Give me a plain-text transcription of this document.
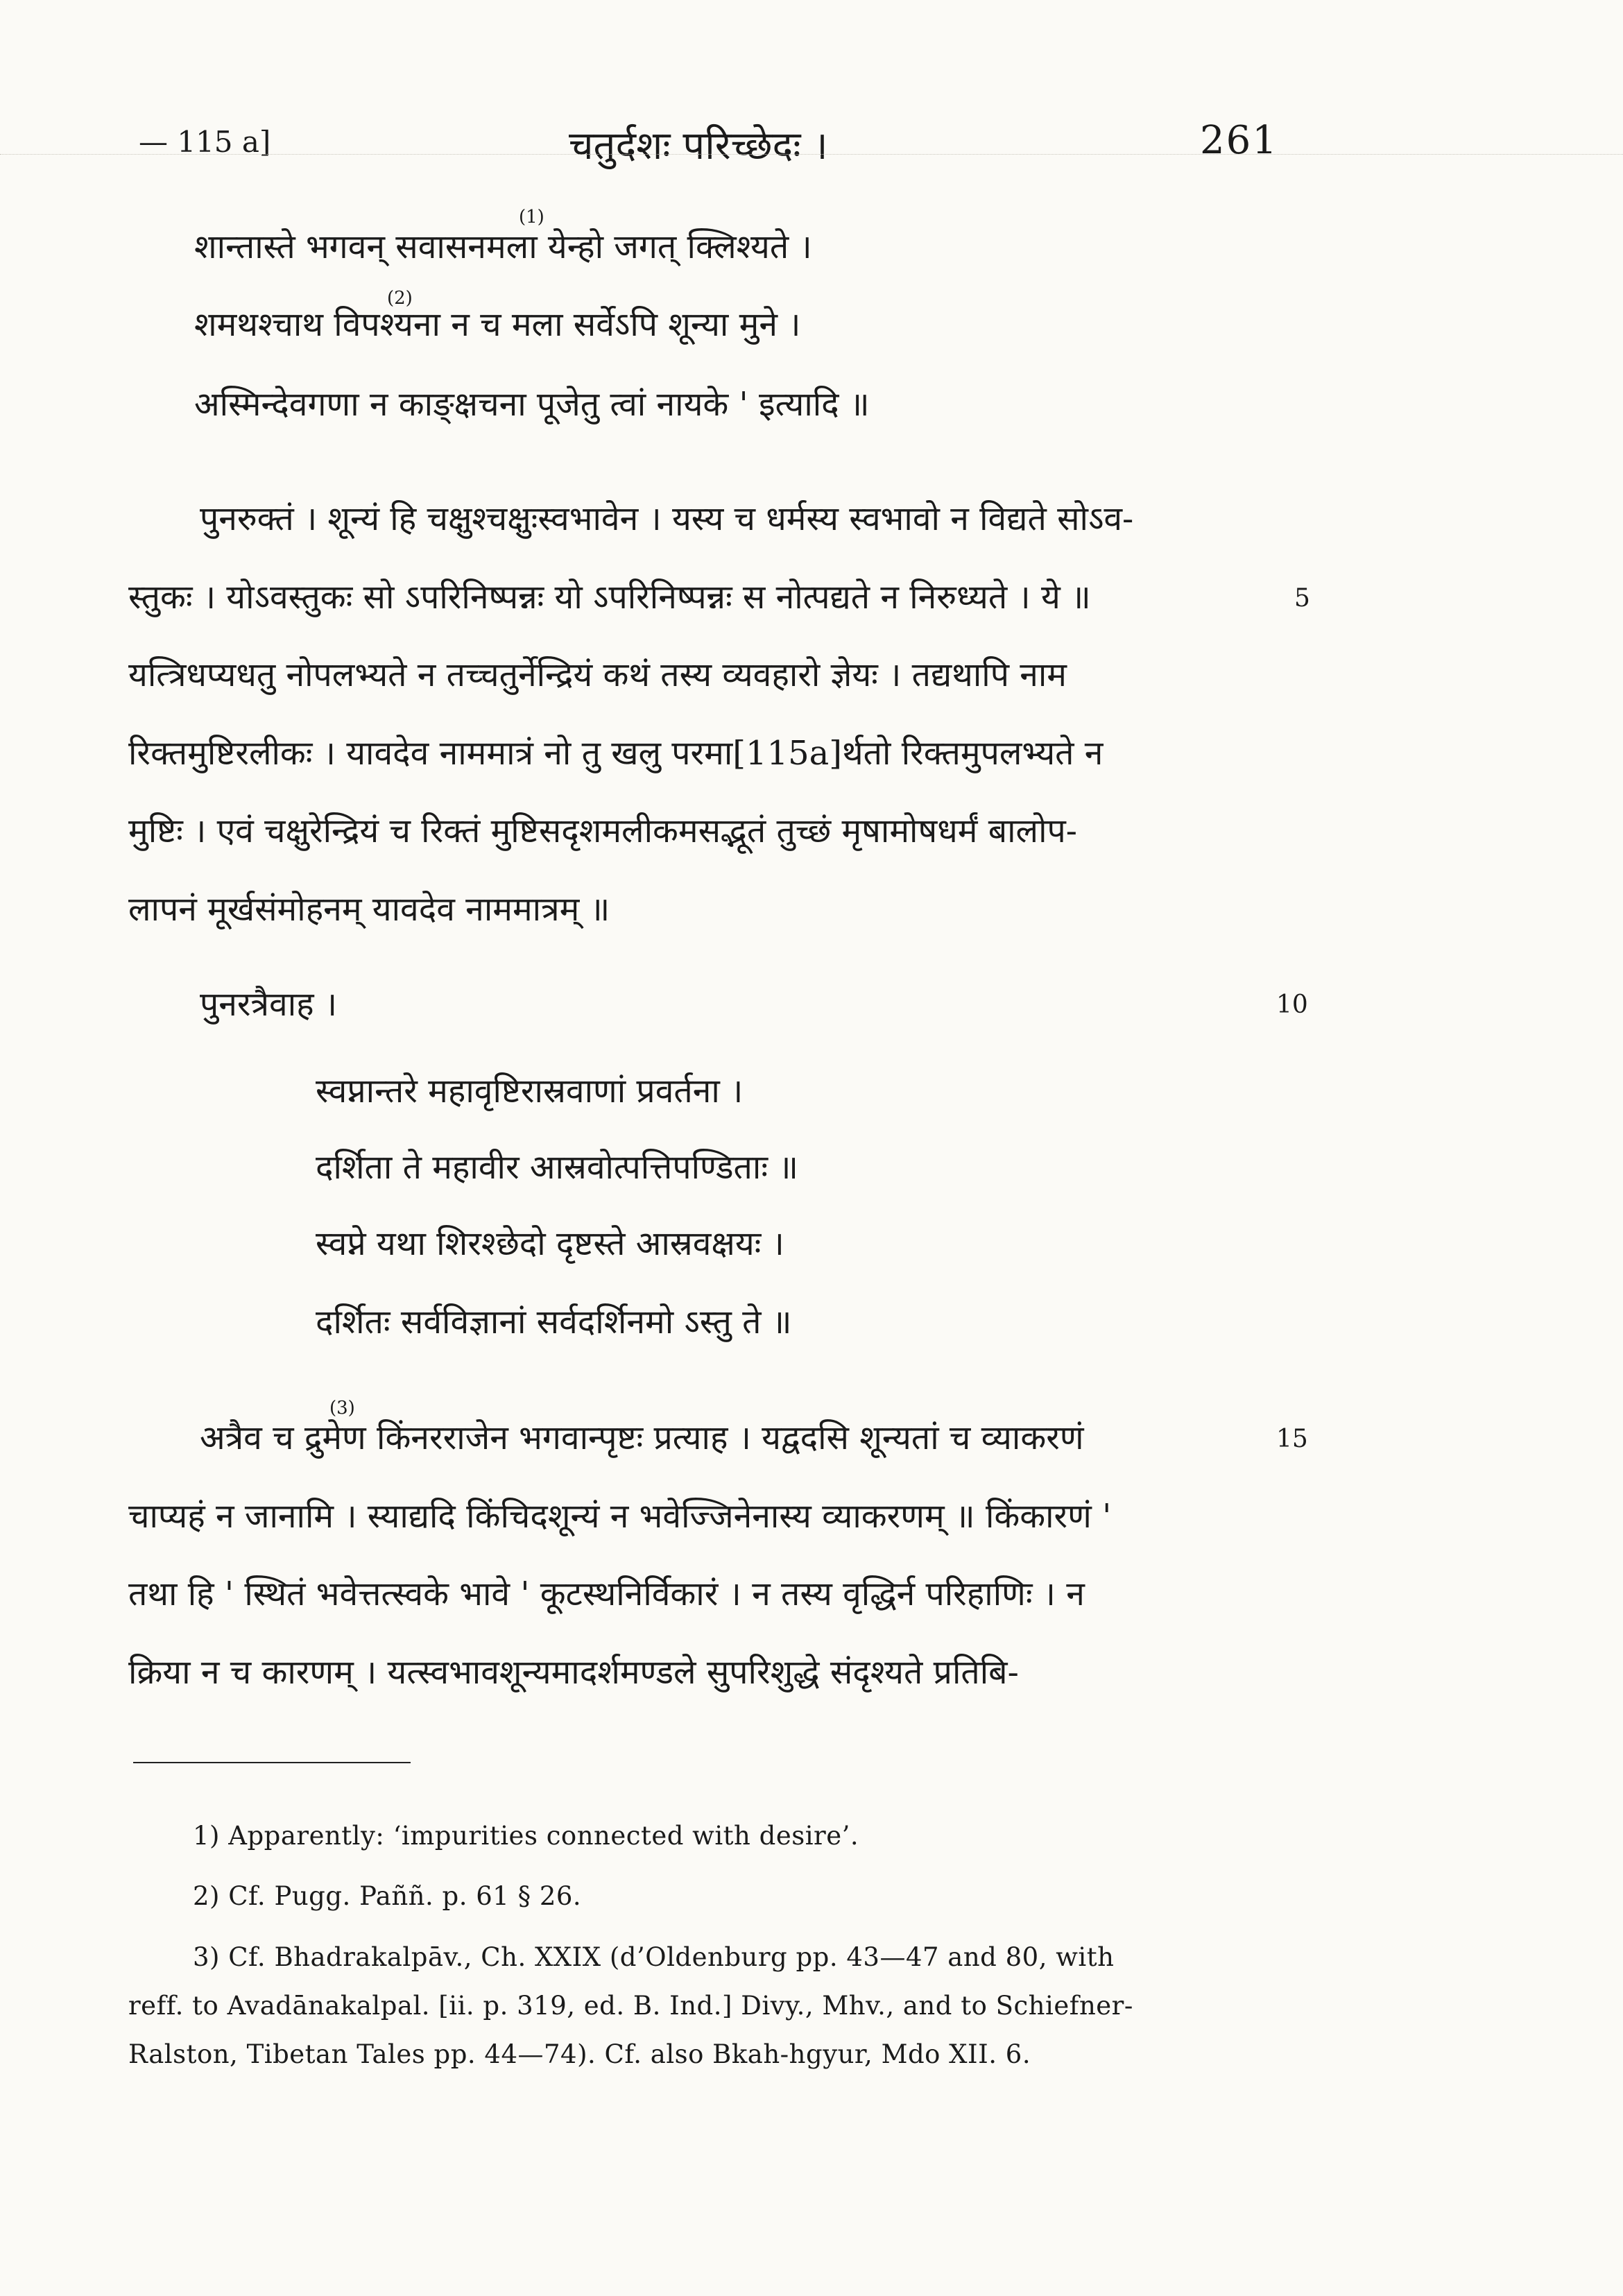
— 115 a]	चतुर्दशः परिच्छेदः ।	261
(1)
(2)
शान्तास्ते भगवन् सवासनमला येन्हो जगत् क्लिश्यते ।
शमथश्चाथ विपश्यना न च मला सर्वेऽपि शून्या मुने ।
अस्मिन्देवगणा न काङ्क्षचना पूजेतु त्वां नायके ' इत्यादि ॥
पुनरुक्तं । शून्यं हि चक्षुश्चक्षुःस्वभावेन । यस्य च धर्मस्य स्वभावो न विद्यते सोऽव-
स्तुकः । योऽवस्तुकः सो ऽपरिनिष्पन्नः यो ऽपरिनिष्पन्नः स नोत्पद्यते न निरुध्यते । ये ॥	5
यत्त्रिधप्यधतु नोपलभ्यते न तच्चतुर्नेन्द्रियं कथं तस्य व्यवहारो ज्ञेयः । तद्यथापि नाम
रिक्तमुष्टिरलीकः । यावदेव नाममात्रं नो तु खलु परमा[115a]र्थतो रिक्तमुपलभ्यते न
मुष्टिः । एवं चक्षुरेन्द्रियं च रिक्तं मुष्टिसदृशमलीकमसद्भूतं तुच्छं मृषामोषधर्मं बालोप-
लापनं मूर्खसंमोहनम् यावदेव नाममात्रम् ॥
पुनरत्रैवाह ।	10
स्वप्नान्तरे महावृष्टिरास्रवाणां प्रवर्तना ।
दर्शिता ते महावीर आस्रवोत्पत्तिपण्डिताः ॥
स्वप्ने यथा शिरश्छेदो दृष्टस्ते आस्रवक्षयः ।
दर्शितः सर्वविज्ञानां सर्वदर्शिनमो ऽस्तु ते ॥
(3)
अत्रैव च द्रुमेण किंनरराजेन भगवान्पृष्टः प्रत्याह । यद्वदसि शून्यतां च व्याकरणं	15
चाप्यहं न जानामि । स्याद्यदि किंचिदशून्यं न भवेज्जिनेनास्य व्याकरणम् ॥ किंकारणं '
तथा हि ' स्थितं भवेत्तत्स्वके भावे ' कूटस्थनिर्विकारं । न तस्य वृद्धिर्न परिहाणिः । न
क्रिया न च कारणम् । यत्स्वभावशून्यमादर्शमण्डले सुपरिशुद्धे संदृश्यते प्रतिबि-
1) Apparently: ‘impurities connected with desire’.
2) Cf. Pugg. Paññ. p. 61 § 26.
3) Cf. Bhadrakalpāv., Ch. XXIX (d’Oldenburg pp. 43—47 and 80, with
reff. to Avadānakalpal. [ii. p. 319, ed. B. Ind.] Divy., Mhv., and to Schiefner-
Ralston, Tibetan Tales pp. 44—74). Cf. also Bkah-hgyur, Mdo XII. 6.
